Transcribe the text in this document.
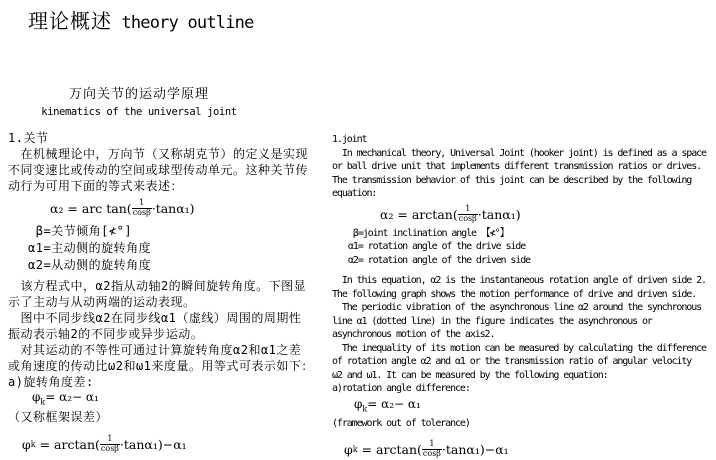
理论概述 theory outline
万向关节的运动学原理
kinematics of the universal joint
1.关节
　在机械理论中，万向节（又称胡克节）的定义是实现
不同变速比或传动的空间或球型传动单元。这种关节传
动行为可用下面的等式来表述：
α₂ = arc $\tan( \frac{1}{\cos\beta} \cdot\tan\alpha_1)$
β=关节倾角[≮°]
α1=主动侧的旋转角度
α2=从动侧的旋转角度
　该方程式中，α2指从动轴2的瞬间旋转角度。下图显
示了主动与从动两端的运动表现。
　图中不同步线α2在同步线α1（虚线）周围的周期性
振动表示轴2的不同步或异步运动。
　对其运动的不等性可通过计算旋转角度α2和α1之差
或角速度的传动比ω2和ω1来度量。用等式可表示如下：
a)旋转角度差:
$\varphi_k= \alpha_2- \alpha_1$
（又称框架误差）
φ $k = \arctan( \frac{1}{\cos\beta} \cdot\tan\alpha_1)-\alpha_1$
1.joint
In mechanical theory, Universal Joint (hooker joint) is defined as a space
or ball drive unit that implements different transmission ratios or drives.
The transmission behavior of this joint can be described by the following
equation:
$\alpha_2 = \arctan( \frac{1}{\cos\beta} \cdot\tan\alpha_1)$
β=joint inclination angle 【≮°】
α1= rotation angle of the drive side
α2= rotation angle of the driven side
In this equation, α2 is the instantaneous rotation angle of driven side 2.
The following graph shows the motion performance of drive and driven side.
The periodic vibration of the asynchronous line α2 around the synchronous
line α1 (dotted line) in the figure indicates the asynchronous or
asynchronous motion of the axis2.
The inequality of its motion can be measured by calculating the difference
of rotation angle α2 and α1 or the transmission ratio of angular velocity
ω2 and ω1. It can be measured by the following equation:
a)rotation angle difference:
$\varphi_k= \alpha_2- \alpha_1$
(framework out of tolerance)
φ $k = \arctan( \frac{1}{\cos\beta} \cdot\tan\alpha_1)-\alpha_1$
